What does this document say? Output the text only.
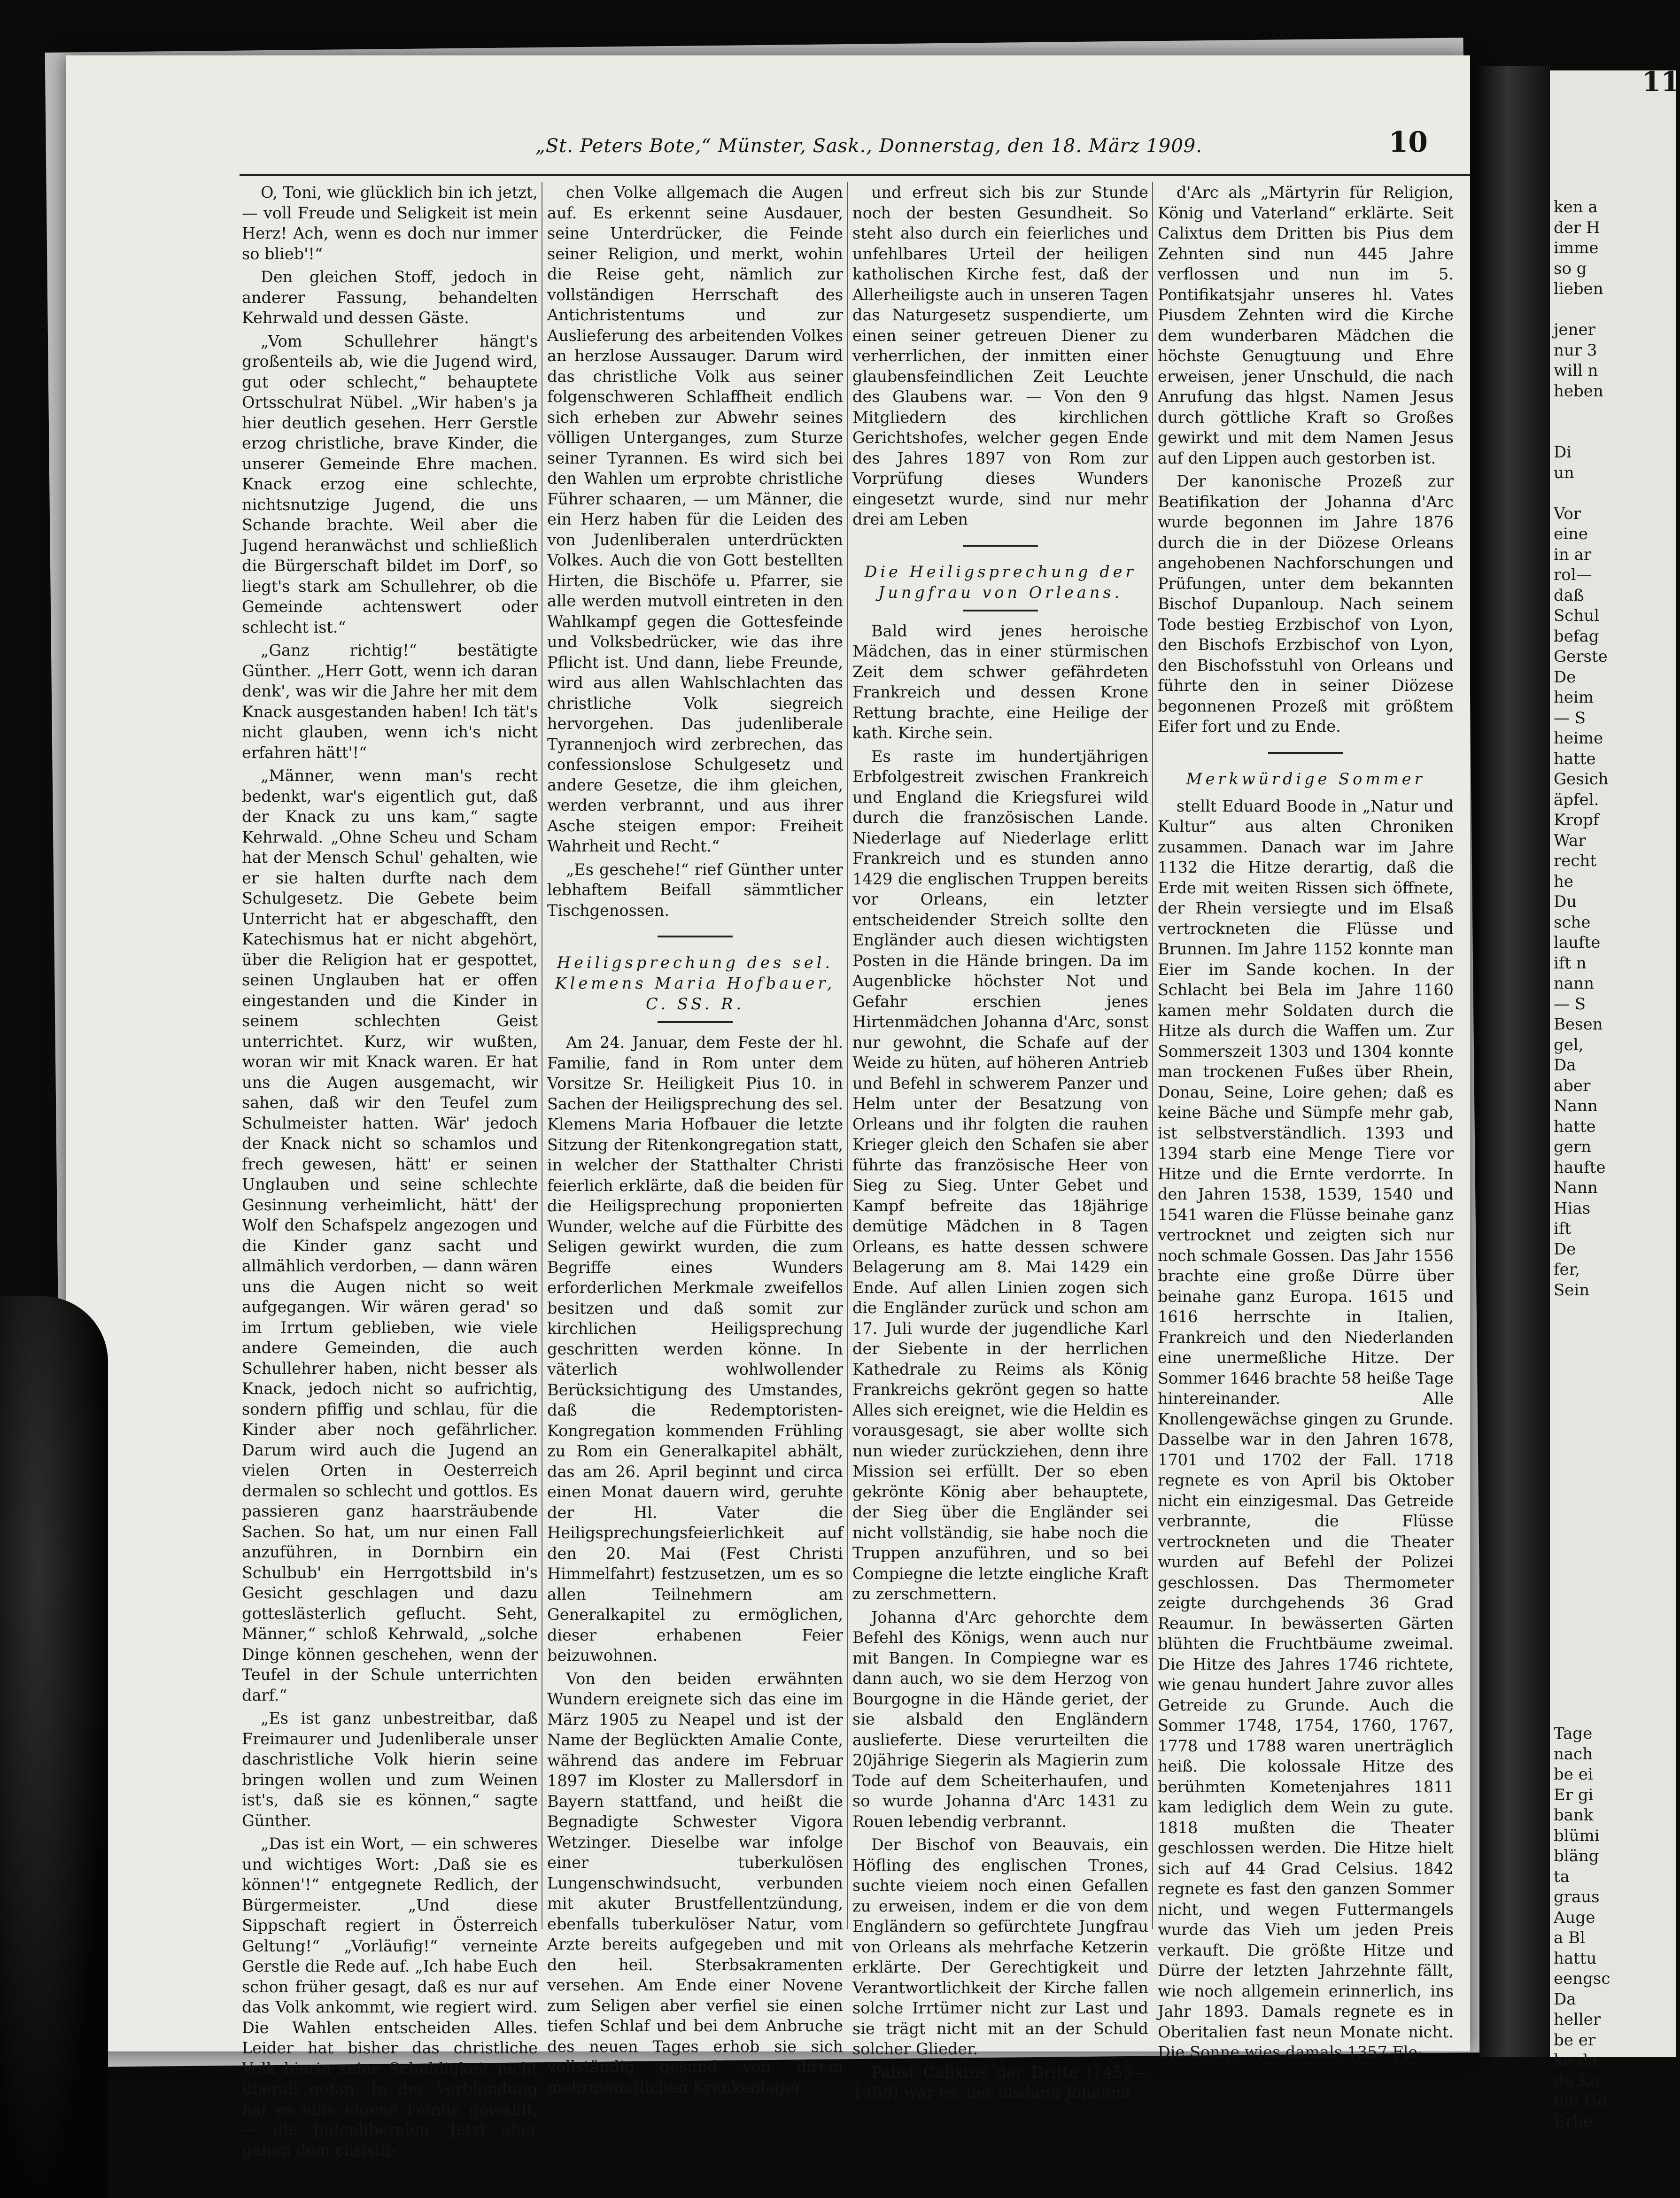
11
ken a
der H
imme
so g
lieben

jener
nur 3
will n
heben

Di
un

Vor
eine
in ar
rol—
daß
Schul
befag
Gerste
De
heim
— S
heime
hatte
Gesich
äpfel.
Kropf
War
recht
he
Du
sche
laufte
ift n
nann
— S
Besen
gel,
Da
aber
Nann
hatte
gern
haufte
Nann
Hias
ift
De
fer,
Sein
Tage
nach
be ei
Er gi
bank
blümi
bläng
ta
graus
Auge
a Bl
hattu
eengsc
Da
heller
be er
ke da
de Ko
ble Ho
Erbe
„St. Peters Bote,“ Münster, Sask., Donnerstag, den 18. März 1909.	10

O, Toni, wie glücklich bin ich jetzt, — voll Freude und Seligkeit ist mein Herz! Ach, wenn es doch nur immer so blieb'!“

Den gleichen Stoff, jedoch in anderer Fassung, behandelten Kehrwald und dessen Gäste.

„Vom Schullehrer hängt's großenteils ab, wie die Jugend wird, gut oder schlecht,“ behauptete Ortsschulrat Nübel. „Wir haben's ja hier deutlich gesehen. Herr Gerstle erzog christliche, brave Kinder, die unserer Gemeinde Ehre machen. Knack erzog eine schlechte, nichtsnutzige Jugend, die uns Schande brachte. Weil aber die Jugend heranwächst und schließlich die Bürgerschaft bildet im Dorf', so liegt's stark am Schullehrer, ob die Gemeinde achtenswert oder schlecht ist.“

„Ganz richtig!“ bestätigte Günther. „Herr Gott, wenn ich daran denk', was wir die Jahre her mit dem Knack ausgestanden haben! Ich tät's nicht glauben, wenn ich's nicht erfahren hätt'!“

„Männer, wenn man's recht bedenkt, war's eigentlich gut, daß der Knack zu uns kam,“ sagte Kehrwald. „Ohne Scheu und Scham hat der Mensch Schul' gehalten, wie er sie halten durfte nach dem Schulgesetz. Die Gebete beim Unterricht hat er abgeschafft, den Katechismus hat er nicht abgehört, über die Religion hat er gespottet, seinen Unglauben hat er offen eingestanden und die Kinder in seinem schlechten Geist unterrichtet. Kurz, wir wußten, woran wir mit Knack waren. Er hat uns die Augen ausgemacht, wir sahen, daß wir den Teufel zum Schulmeister hatten. Wär' jedoch der Knack nicht so schamlos und frech gewesen, hätt' er seinen Unglauben und seine schlechte Gesinnung verheimlicht, hätt' der Wolf den Schafspelz angezogen und die Kinder ganz sacht und allmählich verdorben, — dann wären uns die Augen nicht so weit aufgegangen. Wir wären gerad' so im Irrtum geblieben, wie viele andere Gemeinden, die auch Schullehrer haben, nicht besser als Knack, jedoch nicht so aufrichtig, sondern pfiffig und schlau, für die Kinder aber noch gefährlicher. Darum wird auch die Jugend an vielen Orten in Oesterreich dermalen so schlecht und gottlos. Es passieren ganz haarsträubende Sachen. So hat, um nur einen Fall anzuführen, in Dornbirn ein Schulbub' ein Herrgottsbild in's Gesicht geschlagen und dazu gotteslästerlich geflucht. Seht, Männer,“ schloß Kehrwald, „solche Dinge können geschehen, wenn der Teufel in der Schule unterrichten darf.“

„Es ist ganz unbestreitbar, daß Freimaurer und Judenliberale unser daschristliche Volk hierin seine bringen wollen und zum Weinen ist's, daß sie es können,“ sagte Günther.

„Das ist ein Wort, — ein schweres und wichtiges Wort: ‚Daß sie es können'!“ entgegnete Redlich, der Bürgermeister. „Und diese Sippschaft regiert in Österreich Geltung!“ „Vorläufig!“ verneinte Gerstle die Rede auf. „Ich habe Euch schon früher gesagt, daß es nur auf das Volk ankommt, wie regiert wird. Die Wahlen entscheiden Alles. Leider hat bisher das christliche Volk hierin seine Schuldigkeit nicht überall getan. In der Verblendung hat es eine eigene Feinde gewählt, — die Judenliberalen. Jetzt aber gehen dem christli-

chen Volke allgemach die Augen auf. Es erkennt seine Ausdauer, seine Unterdrücker, die Feinde seiner Religion, und merkt, wohin die Reise geht, nämlich zur vollständigen Herrschaft des Antichristentums und zur Auslieferung des arbeitenden Volkes an herzlose Aussauger. Darum wird das christliche Volk aus seiner folgenschweren Schlaffheit endlich sich erheben zur Abwehr seines völligen Unterganges, zum Sturze seiner Tyrannen. Es wird sich bei den Wahlen um erprobte christliche Führer schaaren, — um Männer, die ein Herz haben für die Leiden des von Judenliberalen unterdrückten Volkes. Auch die von Gott bestellten Hirten, die Bischöfe u. Pfarrer, sie alle werden mutvoll eintreten in den Wahlkampf gegen die Gottesfeinde und Volksbedrücker, wie das ihre Pflicht ist. Und dann, liebe Freunde, wird aus allen Wahlschlachten das christliche Volk siegreich hervorgehen. Das judenliberale Tyrannenjoch wird zerbrechen, das confessionslose Schulgesetz und andere Gesetze, die ihm gleichen, werden verbrannt, und aus ihrer Asche steigen empor: Freiheit Wahrheit und Recht.“

„Es geschehe!“ rief Günther unter lebhaftem Beifall sämmtlicher Tischgenossen.

Heiligsprechung des sel. Klemens Maria Hofbauer, C. SS. R.

Am 24. Januar, dem Feste der hl. Familie, fand in Rom unter dem Vorsitze Sr. Heiligkeit Pius 10. in Sachen der Heiligsprechung des sel. Klemens Maria Hofbauer die letzte Sitzung der Ritenkongregation statt, in welcher der Statthalter Christi feierlich erklärte, daß die beiden für die Heiligsprechung proponierten Wunder, welche auf die Fürbitte des Seligen gewirkt wurden, die zum Begriffe eines Wunders erforderlichen Merkmale zweifellos besitzen und daß somit zur kirchlichen Heiligsprechung geschritten werden könne. In väterlich wohlwollender Berücksichtigung des Umstandes, daß die Redemptoristen-Kongregation kommenden Frühling zu Rom ein Generalkapitel abhält, das am 26. April beginnt und circa einen Monat dauern wird, geruhte der Hl. Vater die Heiligsprechungsfeierlichkeit auf den 20. Mai (Fest Christi Himmelfahrt) festzusetzen, um es so allen Teilnehmern am Generalkapitel zu ermöglichen, dieser erhabenen Feier beizuwohnen.

Von den beiden erwähnten Wundern ereignete sich das eine im März 1905 zu Neapel und ist der Name der Beglückten Amalie Conte, während das andere im Februar 1897 im Kloster zu Mallersdorf in Bayern stattfand, und heißt die Begnadigte Schwester Vigora Wetzinger. Dieselbe war infolge einer tuberkulösen Lungenschwindsucht, verbunden mit akuter Brustfellentzündung, ebenfalls tuberkulöser Natur, vom Arzte bereits aufgegeben und mit den heil. Sterbsakramenten versehen. Am Ende einer Novene zum Seligen aber verfiel sie einen tiefen Schlaf und bei dem Anbruche des neuen Tages erhob sie sich vollständig gesund von ihrem mehrmonatlichen Krankenlager

und erfreut sich bis zur Stunde noch der besten Gesundheit. So steht also durch ein feierliches und unfehlbares Urteil der heiligen katholischen Kirche fest, daß der Allerheiligste auch in unseren Tagen das Naturgesetz suspendierte, um einen seiner getreuen Diener zu verherrlichen, der inmitten einer glaubensfeindlichen Zeit Leuchte des Glaubens war. — Von den 9 Mitgliedern des kirchlichen Gerichtshofes, welcher gegen Ende des Jahres 1897 von Rom zur Vorprüfung dieses Wunders eingesetzt wurde, sind nur mehr drei am Leben

Die Heiligsprechung der Jungfrau von Orleans.

Bald wird jenes heroische Mädchen, das in einer stürmischen Zeit dem schwer gefährdeten Frankreich und dessen Krone Rettung brachte, eine Heilige der kath. Kirche sein.

Es raste im hundertjährigen Erbfolgestreit zwischen Frankreich und England die Kriegsfurei wild durch die französischen Lande. Niederlage auf Niederlage erlitt Frankreich und es stunden anno 1429 die englischen Truppen bereits vor Orleans, ein letzter entscheidender Streich sollte den Engländer auch diesen wichtigsten Posten in die Hände bringen. Da im Augenblicke höchster Not und Gefahr erschien jenes Hirtenmädchen Johanna d'Arc, sonst nur gewohnt, die Schafe auf der Weide zu hüten, auf höheren Antrieb und Befehl in schwerem Panzer und Helm unter der Besatzung von Orleans und ihr folgten die rauhen Krieger gleich den Schafen sie aber führte das französische Heer von Sieg zu Sieg. Unter Gebet und Kampf befreite das 18jährige demütige Mädchen in 8 Tagen Orleans, es hatte dessen schwere Belagerung am 8. Mai 1429 ein Ende. Auf allen Linien zogen sich die Engländer zurück und schon am 17. Juli wurde der jugendliche Karl der Siebente in der herrlichen Kathedrale zu Reims als König Frankreichs gekrönt gegen so hatte Alles sich ereignet, wie die Heldin es vorausgesagt, sie aber wollte sich nun wieder zurückziehen, denn ihre Mission sei erfüllt. Der so eben gekrönte König aber behauptete, der Sieg über die Engländer sei nicht vollständig, sie habe noch die Truppen anzuführen, und so bei Compiegne die letzte eingliche Kraft zu zerschmettern.

Johanna d'Arc gehorchte dem Befehl des Königs, wenn auch nur mit Bangen. In Compiegne war es dann auch, wo sie dem Herzog von Bourgogne in die Hände geriet, der sie alsbald den Engländern auslieferte. Diese verurteilten die 20jährige Siegerin als Magierin zum Tode auf dem Scheiterhaufen, und so wurde Johanna d'Arc 1431 zu Rouen lebendig verbrannt.

Der Bischof von Beauvais, ein Höfling des englischen Trones, suchte vieiem noch einen Gefallen zu erweisen, indem er die von dem Engländern so gefürchtete Jungfrau von Orleans als mehrfache Ketzerin erklärte. Der Gerechtigkeit und Verantwortlichkeit der Kirche fallen solche Irrtümer nicht zur Last und sie trägt nicht mit an der Schuld solcher Glieder.

Pabst Calixtus der Dritte (1455—1458) war es, der alsdann Johanna

d'Arc als „Märtyrin für Religion, König und Vaterland“ erklärte. Seit Calixtus dem Dritten bis Pius dem Zehnten sind nun 445 Jahre verflossen und nun im 5. Pontifikatsjahr unseres hl. Vates Piusdem Zehnten wird die Kirche dem wunderbaren Mädchen die höchste Genugtuung und Ehre erweisen, jener Unschuld, die nach Anrufung das hlgst. Namen Jesus durch göttliche Kraft so Großes gewirkt und mit dem Namen Jesus auf den Lippen auch gestorben ist.

Der kanonische Prozeß zur Beatifikation der Johanna d'Arc wurde begonnen im Jahre 1876 durch die in der Diözese Orleans angehobenen Nachforschungen und Prüfungen, unter dem bekannten Bischof Dupanloup. Nach seinem Tode bestieg Erzbischof von Lyon, den Bischofs Erzbischof von Lyon, den Bischofsstuhl von Orleans und führte den in seiner Diözese begonnenen Prozeß mit größtem Eifer fort und zu Ende.

Merkwürdige Sommer

stellt Eduard Boode in „Natur und Kultur“ aus alten Chroniken zusammen. Danach war im Jahre 1132 die Hitze derartig, daß die Erde mit weiten Rissen sich öffnete, der Rhein versiegte und im Elsaß vertrockneten die Flüsse und Brunnen. Im Jahre 1152 konnte man Eier im Sande kochen. In der Schlacht bei Bela im Jahre 1160 kamen mehr Soldaten durch die Hitze als durch die Waffen um. Zur Sommerszeit 1303 und 1304 konnte man trockenen Fußes über Rhein, Donau, Seine, Loire gehen; daß es keine Bäche und Sümpfe mehr gab, ist selbstverständlich. 1393 und 1394 starb eine Menge Tiere vor Hitze und die Ernte verdorrte. In den Jahren 1538, 1539, 1540 und 1541 waren die Flüsse beinahe ganz vertrocknet und zeigten sich nur noch schmale Gossen. Das Jahr 1556 brachte eine große Dürre über beinahe ganz Europa. 1615 und 1616 herrschte in Italien, Frankreich und den Niederlanden eine unermeßliche Hitze. Der Sommer 1646 brachte 58 heiße Tage hintereinander. Alle Knollengewächse gingen zu Grunde. Dasselbe war in den Jahren 1678, 1701 und 1702 der Fall. 1718 regnete es von April bis Oktober nicht ein einzigesmal. Das Getreide verbrannte, die Flüsse vertrockneten und die Theater wurden auf Befehl der Polizei geschlossen. Das Thermometer zeigte durchgehends 36 Grad Reaumur. In bewässerten Gärten blühten die Fruchtbäume zweimal. Die Hitze des Jahres 1746 richtete, wie genau hundert Jahre zuvor alles Getreide zu Grunde. Auch die Sommer 1748, 1754, 1760, 1767, 1778 und 1788 waren unerträglich heiß. Die kolossale Hitze des berühmten Kometenjahres 1811 kam lediglich dem Wein zu gute. 1818 mußten die Theater geschlossen werden. Die Hitze hielt sich auf 44 Grad Celsius. 1842 regnete es fast den ganzen Sommer nicht, und wegen Futtermangels wurde das Vieh um jeden Preis verkauft. Die größte Hitze und Dürre der letzten Jahrzehnte fällt, wie noch allgemein erinnerlich, ins Jahr 1893. Damals regnete es in Oberitalien fast neun Monate nicht. Die Sonne wies damals 1357 Fle-
